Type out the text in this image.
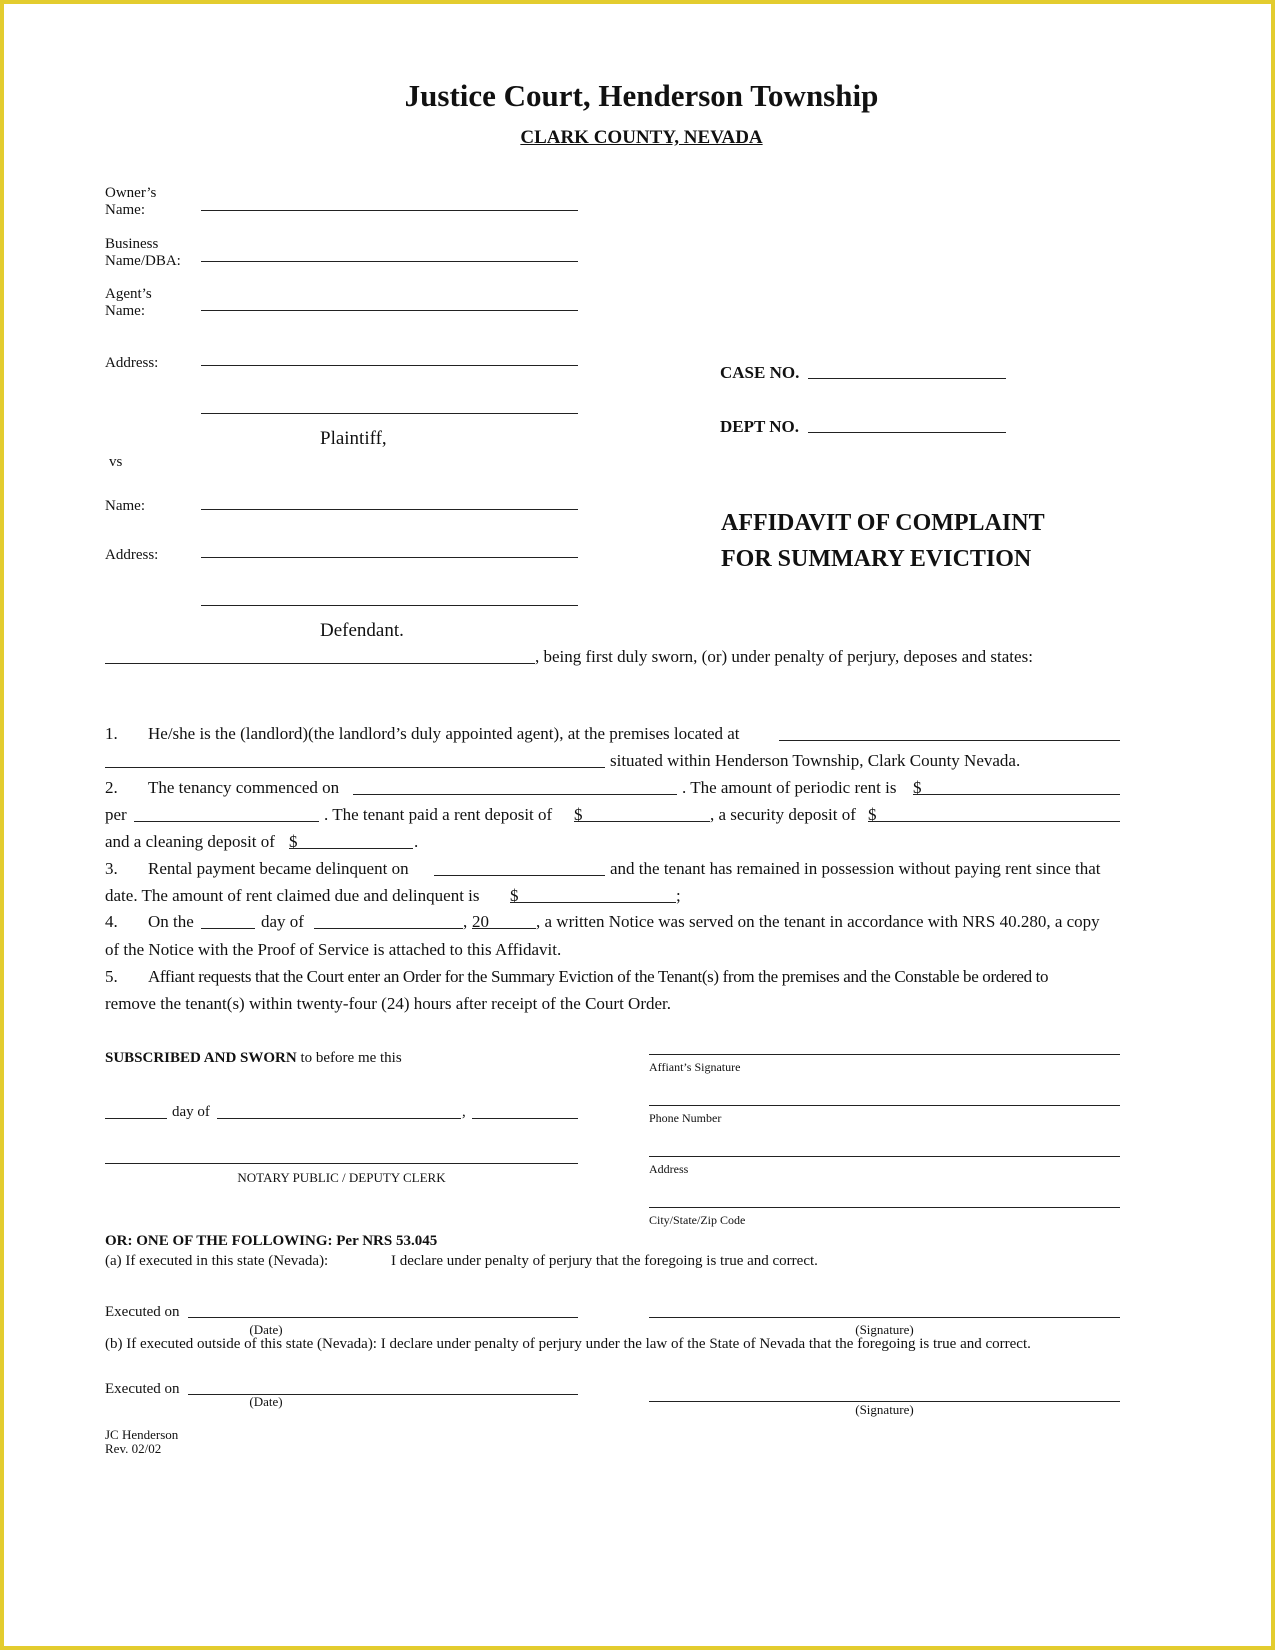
Justice Court, Henderson Township
CLARK COUNTY, NEVADA
Owner’s
Name:
Business
Name/DBA:
Agent’s
Name:
Address:
Plaintiff,
vs
Name:
Address:
Defendant.
CASE NO.
DEPT NO.
AFFIDAVIT OF COMPLAINT
FOR SUMMARY EVICTION
, being first duly sworn, (or) under penalty of perjury, deposes and states:
1. He/she is the (landlord)(the landlord’s duly appointed agent), at the premises located at
situated within Henderson Township, Clark County Nevada.
2. The tenancy commenced on	. The amount of periodic rent is $
per	. The tenant paid a rent deposit of $	, a security deposit of $
and a cleaning deposit of $	.
3. Rental payment became delinquent on	and the tenant has remained in possession without paying rent since that
date. The amount of rent claimed due and delinquent is $	;
4. On the	day of	, 20	, a written Notice was served on the tenant in accordance with NRS 40.280, a copy
of the Notice with the Proof of Service is attached to this Affidavit.
5. Affiant requests that the Court enter an Order for the Summary Eviction of the Tenant(s) from the premises and the Constable be ordered to
remove the tenant(s) within twenty-four (24) hours after receipt of the Court Order.
SUBSCRIBED AND SWORN to before me this
day of	,
NOTARY PUBLIC / DEPUTY CLERK
Affiant’s Signature
Phone Number
Address
City/State/Zip Code
OR: ONE OF THE FOLLOWING: Per NRS 53.045
(a) If executed in this state (Nevada):	I declare under penalty of perjury that the foregoing is true and correct.
Executed on
(Date)	(Signature)
(b) If executed outside of this state (Nevada): I declare under penalty of perjury under the law of the State of Nevada that the foregoing is true and correct.
Executed on
(Date)
(Signature)
JC Henderson
Rev. 02/02
